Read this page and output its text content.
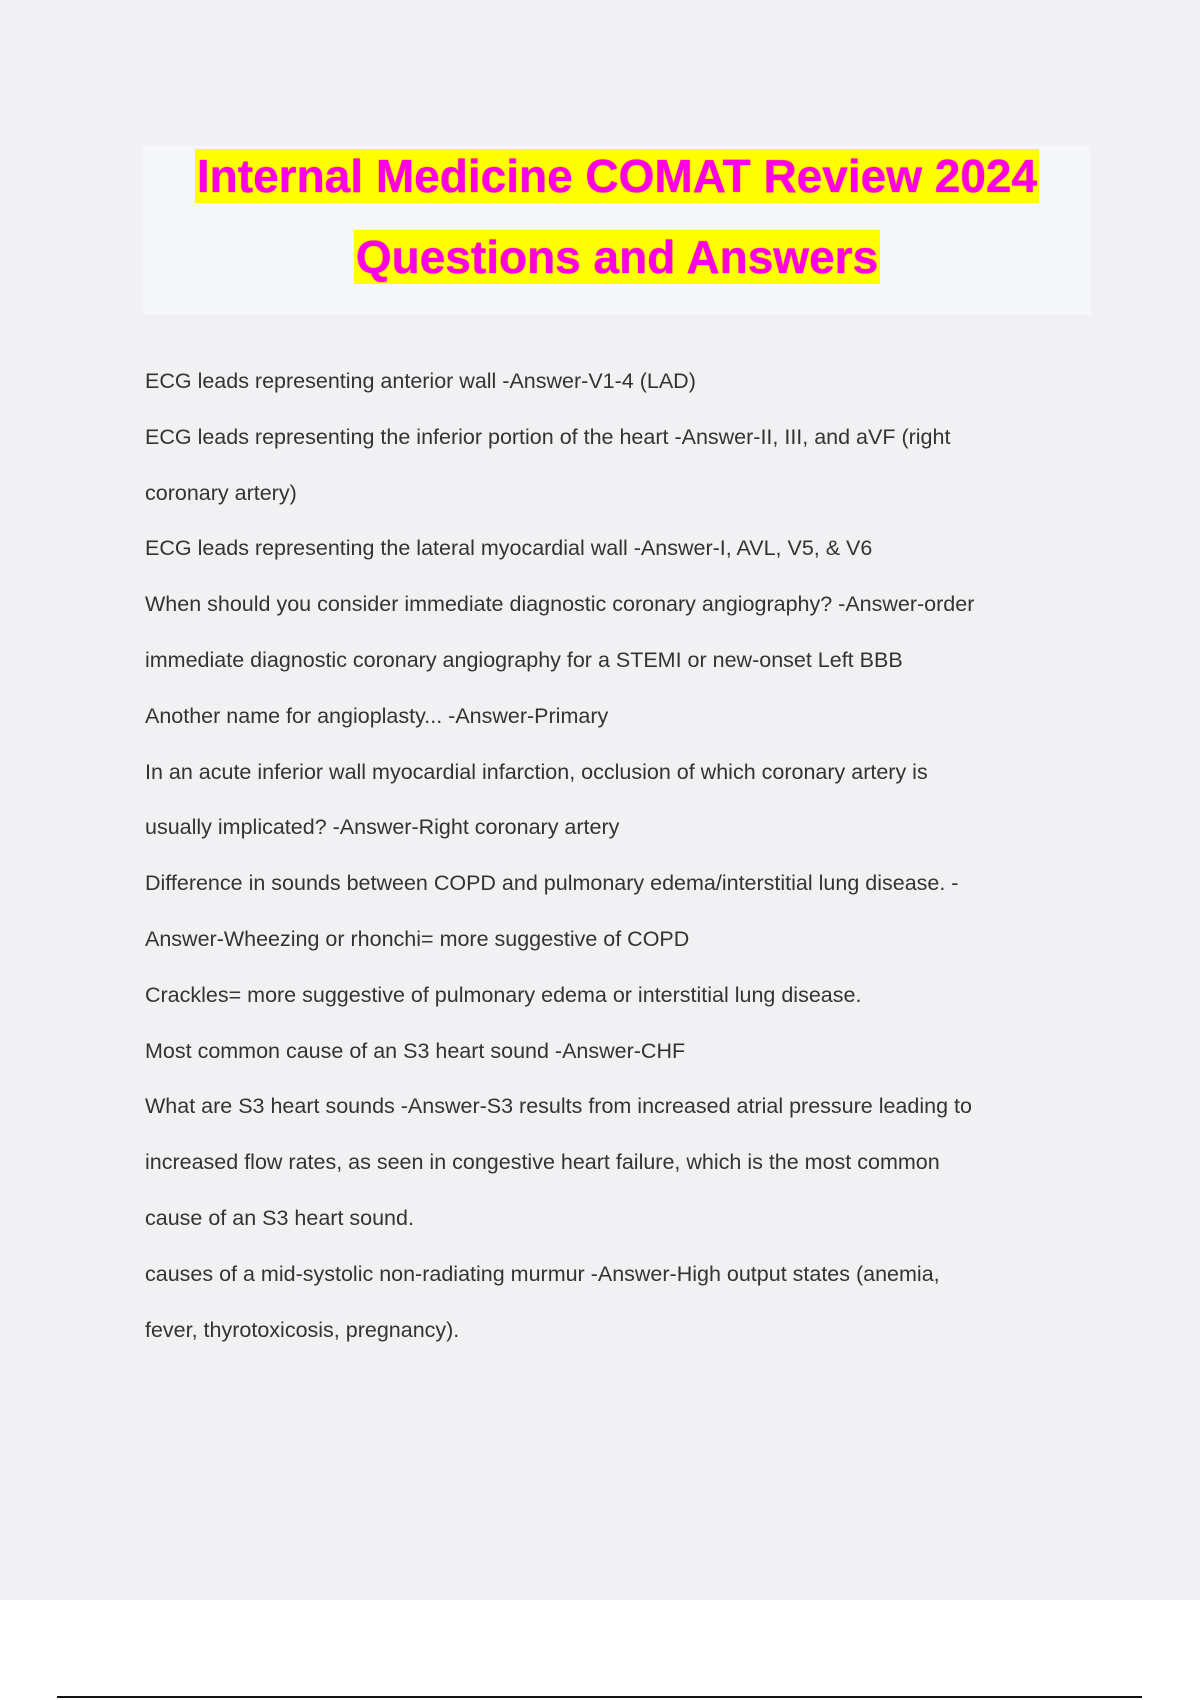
Internal Medicine COMAT Review 2024
Questions and Answers
ECG leads representing anterior wall -Answer-V1-4 (LAD)
ECG leads representing the inferior portion of the heart -Answer-II, III, and aVF (right
coronary artery)
ECG leads representing the lateral myocardial wall -Answer-I, AVL, V5, & V6
When should you consider immediate diagnostic coronary angiography? -Answer-order
immediate diagnostic coronary angiography for a STEMI or new-onset Left BBB
Another name for angioplasty... -Answer-Primary
In an acute inferior wall myocardial infarction, occlusion of which coronary artery is
usually implicated? -Answer-Right coronary artery
Difference in sounds between COPD and pulmonary edema/interstitial lung disease. -
Answer-Wheezing or rhonchi= more suggestive of COPD
Crackles= more suggestive of pulmonary edema or interstitial lung disease.
Most common cause of an S3 heart sound -Answer-CHF
What are S3 heart sounds -Answer-S3 results from increased atrial pressure leading to
increased flow rates, as seen in congestive heart failure, which is the most common
cause of an S3 heart sound.
causes of a mid-systolic non-radiating murmur -Answer-High output states (anemia,
fever, thyrotoxicosis, pregnancy).
